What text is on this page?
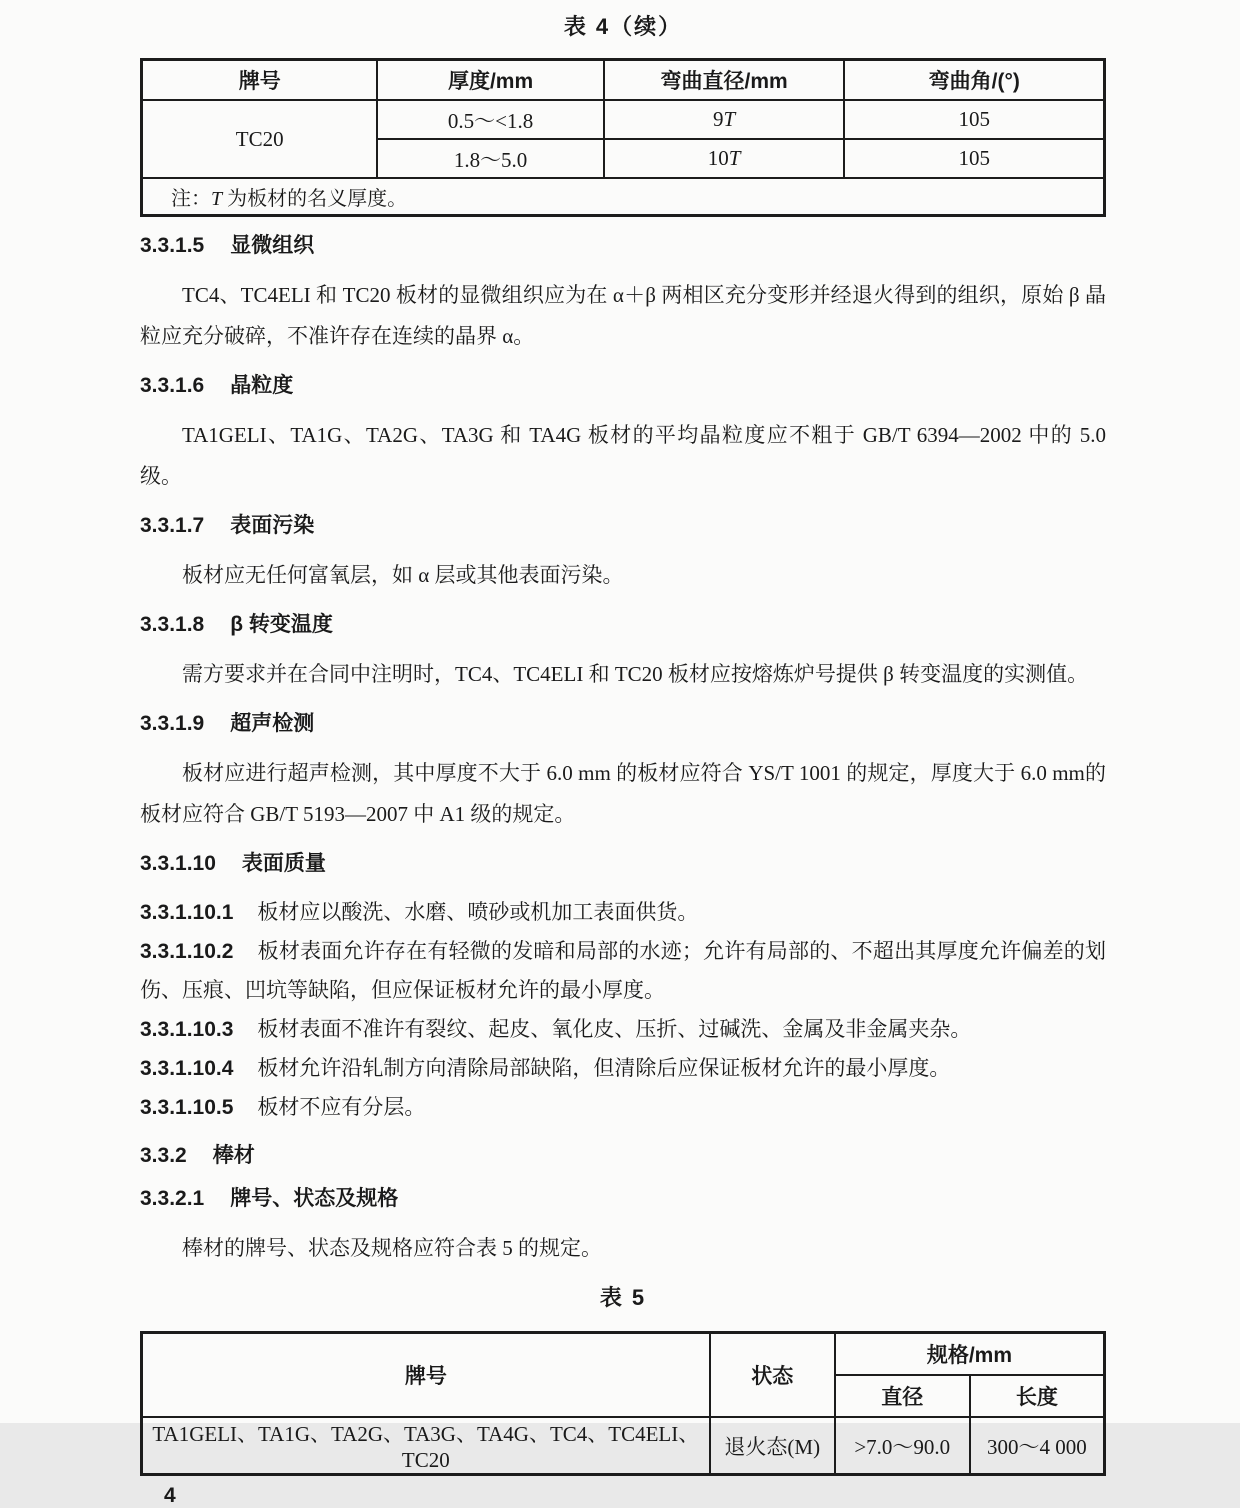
表 4（续）
牌号	厚度/mm	弯曲直径/mm	弯曲角/(°)
TC20	0.5～<1.8	9T	105
	1.8～5.0	10T	105
注：T 为板材的名义厚度。			
3.3.1.5 显微组织
TC4、TC4ELI 和 TC20 板材的显微组织应为在 α＋β 两相区充分变形并经退火得到的组织，原始 β 晶粒应充分破碎，不准许存在连续的晶界 α。
3.3.1.6 晶粒度
TA1GELI、TA1G、TA2G、TA3G 和 TA4G 板材的平均晶粒度应不粗于 GB/T 6394—2002 中的 5.0 级。
3.3.1.7 表面污染
板材应无任何富氧层，如 α 层或其他表面污染。
3.3.1.8 β 转变温度
需方要求并在合同中注明时，TC4、TC4ELI 和 TC20 板材应按熔炼炉号提供 β 转变温度的实测值。
3.3.1.9 超声检测
板材应进行超声检测，其中厚度不大于 6.0 mm 的板材应符合 YS/T 1001 的规定，厚度大于 6.0 mm的板材应符合 GB/T 5193—2007 中 A1 级的规定。
3.3.1.10 表面质量
3.3.1.10.1 板材应以酸洗、水磨、喷砂或机加工表面供货。
3.3.1.10.2 板材表面允许存在有轻微的发暗和局部的水迹；允许有局部的、不超出其厚度允许偏差的划伤、压痕、凹坑等缺陷，但应保证板材允许的最小厚度。
3.3.1.10.3 板材表面不准许有裂纹、起皮、氧化皮、压折、过碱洗、金属及非金属夹杂。
3.3.1.10.4 板材允许沿轧制方向清除局部缺陷，但清除后应保证板材允许的最小厚度。
3.3.1.10.5 板材不应有分层。
3.3.2 棒材
3.3.2.1 牌号、状态及规格
棒材的牌号、状态及规格应符合表 5 的规定。
表 5
牌号	状态	规格/mm	
		直径	长度
TA1GELI、TA1G、TA2G、TA3G、TA4G、TC4、TC4ELI、TC20	退火态(M)	>7.0～90.0	300～4 000
4
